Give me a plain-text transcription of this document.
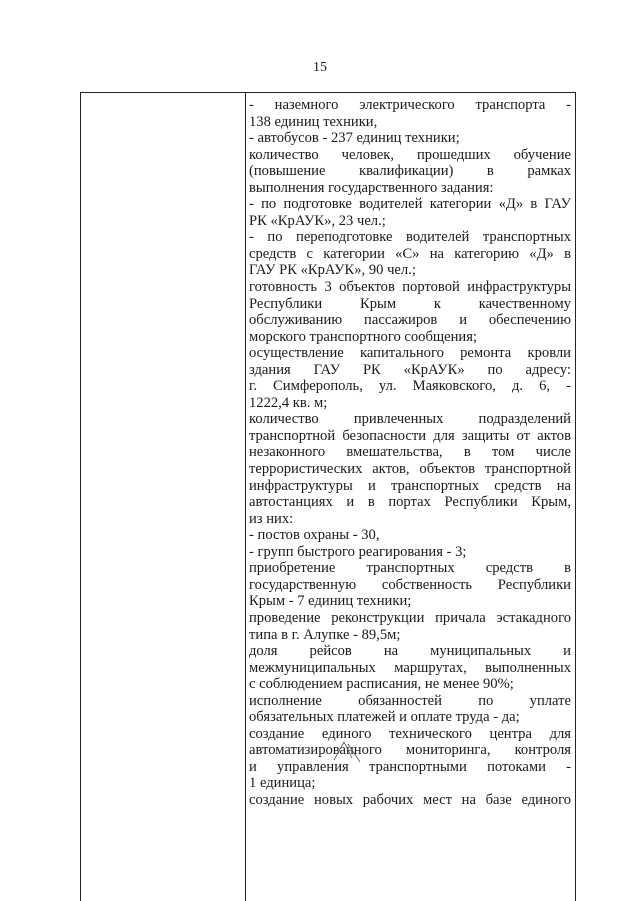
15
- наземного электрического транспорта -
138 единиц техники,
- автобусов - 237 единиц техники;
количество человек, прошедших обучение
(повышение квалификации) в рамках
выполнения государственного задания:
- по подготовке водителей категории «Д» в ГАУ
РК «КрАУК», 23 чел.;
- по переподготовке водителей транспортных
средств с категории «С» на категорию «Д» в
ГАУ РК «КрАУК», 90 чел.;
готовность 3 объектов портовой инфраструктуры
Республики Крым к качественному
обслуживанию пассажиров и обеспечению
морского транспортного сообщения;
осуществление капитального ремонта кровли
здания ГАУ РК «КрАУК» по адресу:
г. Симферополь, ул. Маяковского, д. 6, -
1222,4 кв. м;
количество привлеченных подразделений
транспортной безопасности для защиты от актов
незаконного вмешательства, в том числе
террористических актов, объектов транспортной
инфраструктуры и транспортных средств на
автостанциях и в портах Республики Крым,
из них:
- постов охраны - 30,
- групп быстрого реагирования - 3;
приобретение транспортных средств в
государственную собственность Республики
Крым - 7 единиц техники;
проведение реконструкции причала эстакадного
типа в г. Алупке - 89,5м;
доля рейсов на муниципальных и
межмуниципальных маршрутах, выполненных
с соблюдением расписания, не менее 90%;
исполнение обязанностей по уплате
обязательных платежей и оплате труда - да;
создание единого технического центра для
автоматизированного мониторинга, контроля
и управления транспортными потоками -
1 единица;
создание новых рабочих мест на базе единого
